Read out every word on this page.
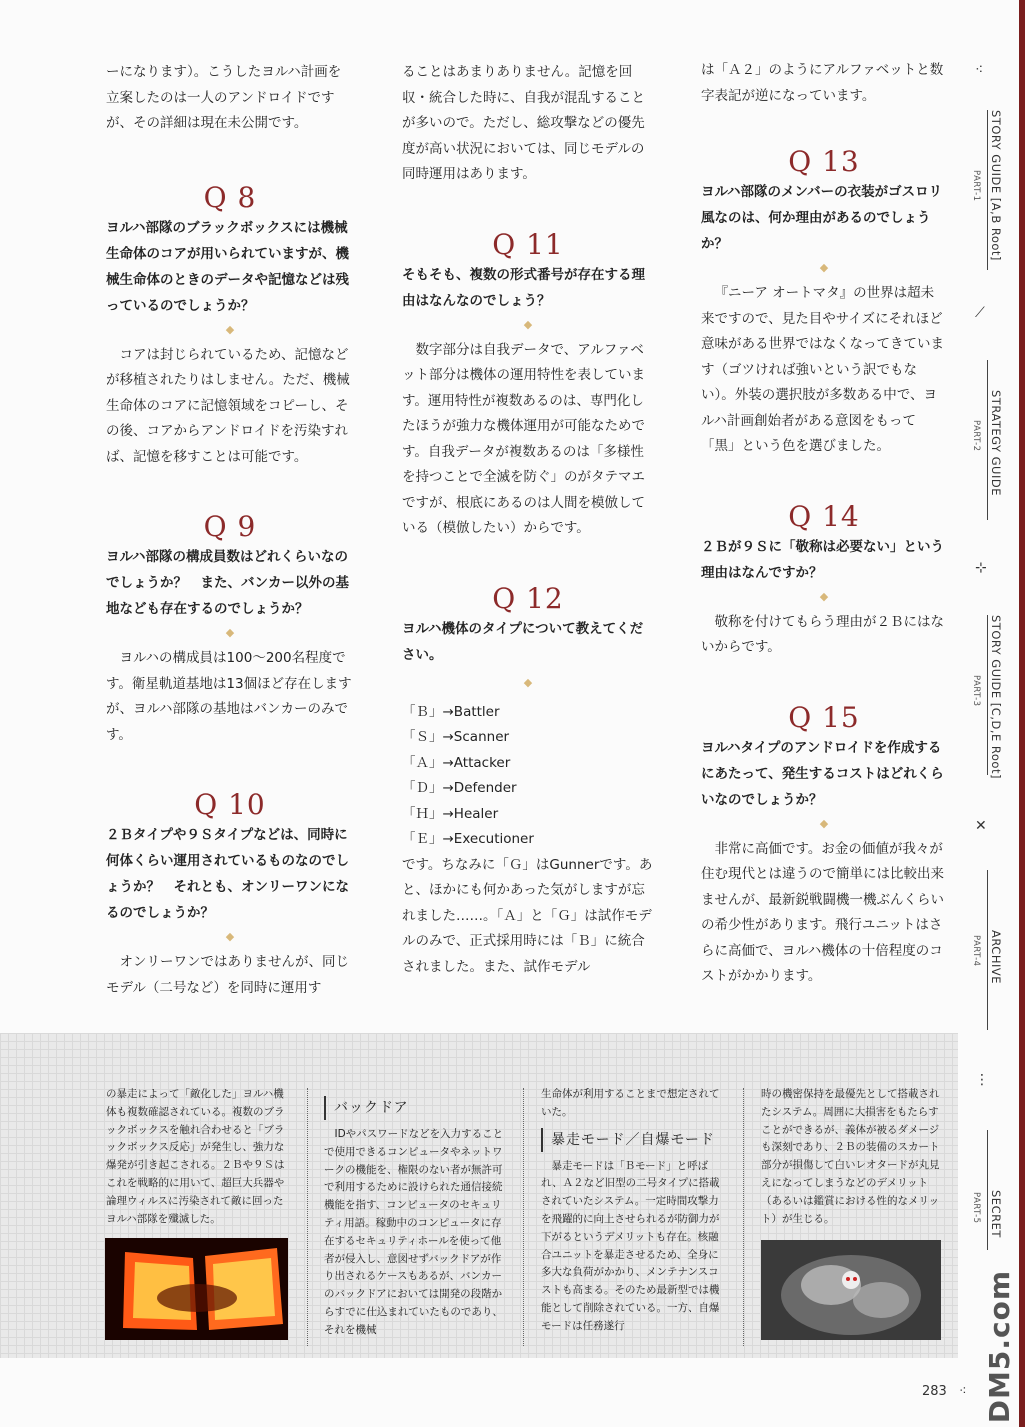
ーになります）。こうしたヨルハ計画を立案したのは一人のアンドロイドですが、その詳細は現在未公開です。

Q 8

ヨルハ部隊のブラックボックスには機械生命体のコアが用いられていますが、機械生命体のときのデータや記憶などは残っているのでしょうか？

◆

コアは封じられているため、記憶などが移植されたりはしません。ただ、機械生命体のコアに記憶領域をコピーし、その後、コアからアンドロイドを汚染すれば、記憶を移すことは可能です。

Q 9

ヨルハ部隊の構成員数はどれくらいなのでしょうか？　また、バンカー以外の基地なども存在するのでしょうか？

◆

ヨルハの構成員は100〜200名程度です。衛星軌道基地は13個ほど存在しますが、ヨルハ部隊の基地はバンカーのみです。

Q 10

２Ｂタイプや９Ｓタイプなどは、同時に何体くらい運用されているものなのでしょうか？　それとも、オンリーワンになるのでしょうか？

◆

オンリーワンではありませんが、同じモデル（二号など）を同時に運用す

ることはあまりありません。記憶を回収・統合した時に、自我が混乱することが多いので。ただし、総攻撃などの優先度が高い状況においては、同じモデルの同時運用はあります。

Q 11

そもそも、複数の形式番号が存在する理由はなんなのでしょう？

◆

数字部分は自我データで、アルファベット部分は機体の運用特性を表しています。運用特性が複数あるのは、専門化したほうが強力な機体運用が可能なためです。自我データが複数あるのは「多様性を持つことで全滅を防ぐ」のがタテマエですが、根底にあるのは人間を模倣している（模倣したい）からです。

Q 12

ヨルハ機体のタイプについて教えてください。

◆
「Ｂ」→Battler
「Ｓ」→Scanner
「Ａ」→Attacker
「Ｄ」→Defender
「Ｈ」→Healer
「Ｅ」→Executioner

です。ちなみに「Ｇ」はGunnerです。あと、ほかにも何かあった気がしますが忘れました……。「Ａ」と「Ｇ」は試作モデルのみで、正式採用時には「Ｂ」に統合されました。また、試作モデル

は「Ａ２」のようにアルファベットと数字表記が逆になっています。

Q 13

ヨルハ部隊のメンバーの衣装がゴスロリ風なのは、何か理由があるのでしょうか？

◆

『ニーア オートマタ』の世界は超未来ですので、見た目やサイズにそれほど意味がある世界ではなくなってきています（ゴツければ強いという訳でもない）。外装の選択肢が多数ある中で、ヨルハ計画創始者がある意図をもって「黒」という色を選びました。

Q 14

２Ｂが９Ｓに「敬称は必要ない」という理由はなんですか？

◆

敬称を付けてもらう理由が２Ｂにはないからです。

Q 15

ヨルハタイプのアンドロイドを作成するにあたって、発生するコストはどれくらいなのでしょうか？

◆

非常に高価です。お金の価値が我々が住む現代とは違うので簡単には比較出来ませんが、最新鋭戦闘機一機ぶんくらいの希少性があります。飛行ユニットはさらに高価で、ヨルハ機体の十倍程度のコストがかかります。

⁖
STORY GUIDE [A,B Root]
PART-1
⟋
STRATEGY GUIDE
PART-2
⊹
STORY GUIDE [C,D,E Root]
PART-3
✕
ARCHIVE
PART-4
⋮
SECRET
PART-5

の暴走によって「敵化した」ヨルハ機体も複数確認されている。複数のブラックボックスを触れ合わせると「ブラックボックス反応」が発生し、強力な爆発が引き起こされる。２Ｂや９Ｓはこれを戦略的に用いて、超巨大兵器や論理ウィルスに汚染されて敵に回ったヨルハ部隊を殲滅した。

バックドア

IDやパスワードなどを入力することで使用できるコンピュータやネットワークの機能を、権限のない者が無許可で利用するために設けられた通信接続機能を指す、コンピュータのセキュリティ用語。稼動中のコンピュータに存在するセキュリティホールを使って他者が侵入し、意図せずバックドアが作り出されるケースもあるが、バンカーのバックドアにおいては開発の段階からすでに仕込まれていたものであり、それを機械

生命体が利用することまで想定されていた。

暴走モード／自爆モード

暴走モードは「Ｂモード」と呼ばれ、Ａ２など旧型の二号タイプに搭載されていたシステム。一定時間攻撃力を飛躍的に向上させられるが防御力が下がるというデメリットも存在。核融合ユニットを暴走させるため、全身に多大な負荷がかかり、メンテナンスコストも高まる。そのため最新型では機能として削除されている。一方、自爆モードは任務遂行

時の機密保持を最優先として搭載されたシステム。周囲に大損害をもたらすことができるが、義体が被るダメージも深刻であり、２Ｂの装備のスカート部分が損傷して白いレオタードが丸見えになってしまうなどのデメリット（あるいは鑑賞における性的なメリット）が生じる。

DM5.com
283 ⁖
